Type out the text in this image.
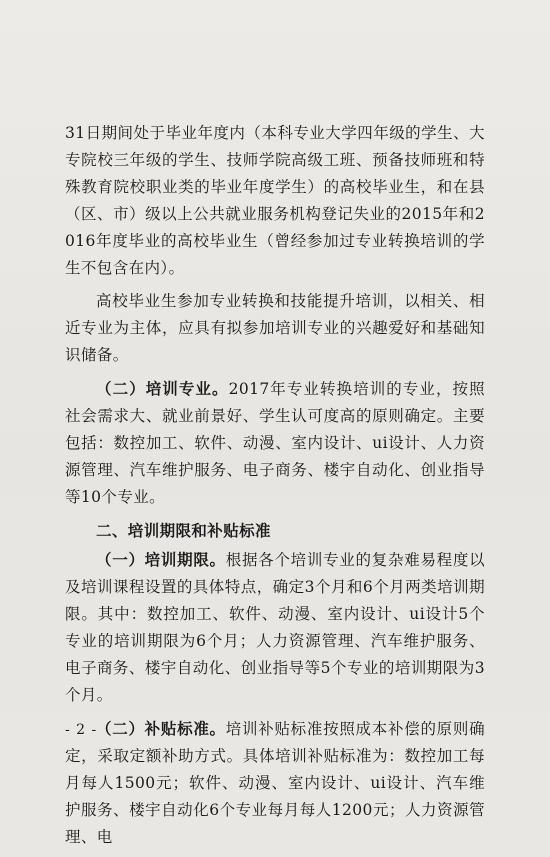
31日期间处于毕业年度内（本科专业大学四年级的学生、大专院校三年级的学生、技师学院高级工班、预备技师班和特殊教育院校职业类的毕业年度学生）的高校毕业生，和在县（区、市）级以上公共就业服务机构登记失业的2015年和2016年度毕业的高校毕业生（曾经参加过专业转换培训的学生不包含在内）。

高校毕业生参加专业转换和技能提升培训，以相关、相近专业为主体，应具有拟参加培训专业的兴趣爱好和基础知识储备。

（二）培训专业。2017年专业转换培训的专业，按照社会需求大、就业前景好、学生认可度高的原则确定。主要包括：数控加工、软件、动漫、室内设计、ui设计、人力资源管理、汽车维护服务、电子商务、楼宇自动化、创业指导等10个专业。

二、培训期限和补贴标准

（一）培训期限。根据各个培训专业的复杂难易程度以及培训课程设置的具体特点，确定3个月和6个月两类培训期限。其中：数控加工、软件、动漫、室内设计、ui设计5个专业的培训期限为6个月；人力资源管理、汽车维护服务、电子商务、楼宇自动化、创业指导等5个专业的培训期限为3个月。

（二）补贴标准。培训补贴标准按照成本补偿的原则确定，采取定额补助方式。具体培训补贴标准为：数控加工每月每人1500元；软件、动漫、室内设计、ui设计、汽车维护服务、楼宇自动化6个专业每月每人1200元；人力资源管理、电

- 2 -
